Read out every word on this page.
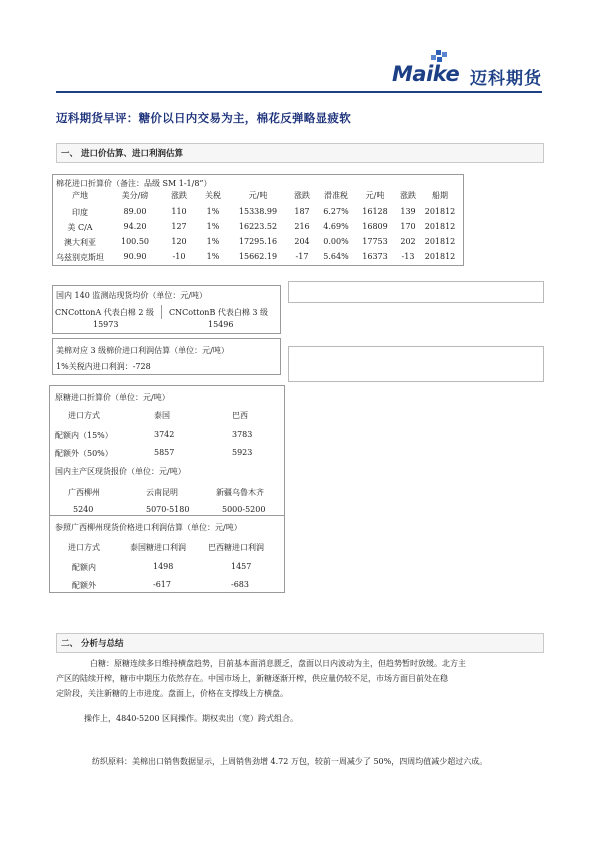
Maike 迈科期货
迈科期货早评：糖价以日内交易为主，棉花反弹略显疲软
一、 进口价估算、进口利润估算
棉花进口折算价（备注：品级 SM 1-1/8”）
产地	美分/磅	涨跌 关税	元/吨	涨跌 滑准税 元/吨 涨跌 船期
印度	89.00	110	1% 15338.99 187 6.27% 16128 139 201812
美 C/A	94.20	127	1% 16223.52 216 4.69% 16809 170 201812
澳大利亚	100.50	120	1% 17295.16 204 0.00% 17753 202 201812
乌兹别克斯坦 90.90	-10	1% 15662.19 -17 5.64% 16373 -13 201812
国内 140 监测站现货均价（单位：元/吨）
CNCottonA 代表白棉 2 级
15973
CNCottonB 代表白棉 3 级
15496
美棉对应 3 级棉价进口利润估算（单位：元/吨）
1%关税内进口利润：-728
原糖进口折算价（单位：元/吨）
进口方式	泰国	巴西
配额内（15%）	3742	3783
配额外（50%）	5857	5923
国内主产区现货报价（单位：元/吨）
广西柳州	云南昆明	新疆乌鲁木齐
5240	5070-5180	5000-5200
参照广西柳州现货价格进口利润估算（单位：元/吨）
进口方式	泰国糖进口利润	巴西糖进口利润
配额内	1498	1457
配额外	-617	-683
二、 分析与总结
白糖：原糖连续多日维持横盘趋势，目前基本面消息匮乏，盘面以日内波动为主，但趋势暂时放缓。北方主
产区的陆续开榨，糖市中期压力依然存在。中国市场上，新糖逐渐开榨，供应量仍较不足，市场方面目前处在稳
定阶段，关注新糖的上市进度。盘面上，价格在支撑线上方横盘。
操作上，4840-5200 区间操作。期权卖出（宽）跨式组合。
纺织原料：美棉出口销售数据显示，上周销售劲增 4.72 万包，较前一周减少了 50%，四周均值减少超过六成。
